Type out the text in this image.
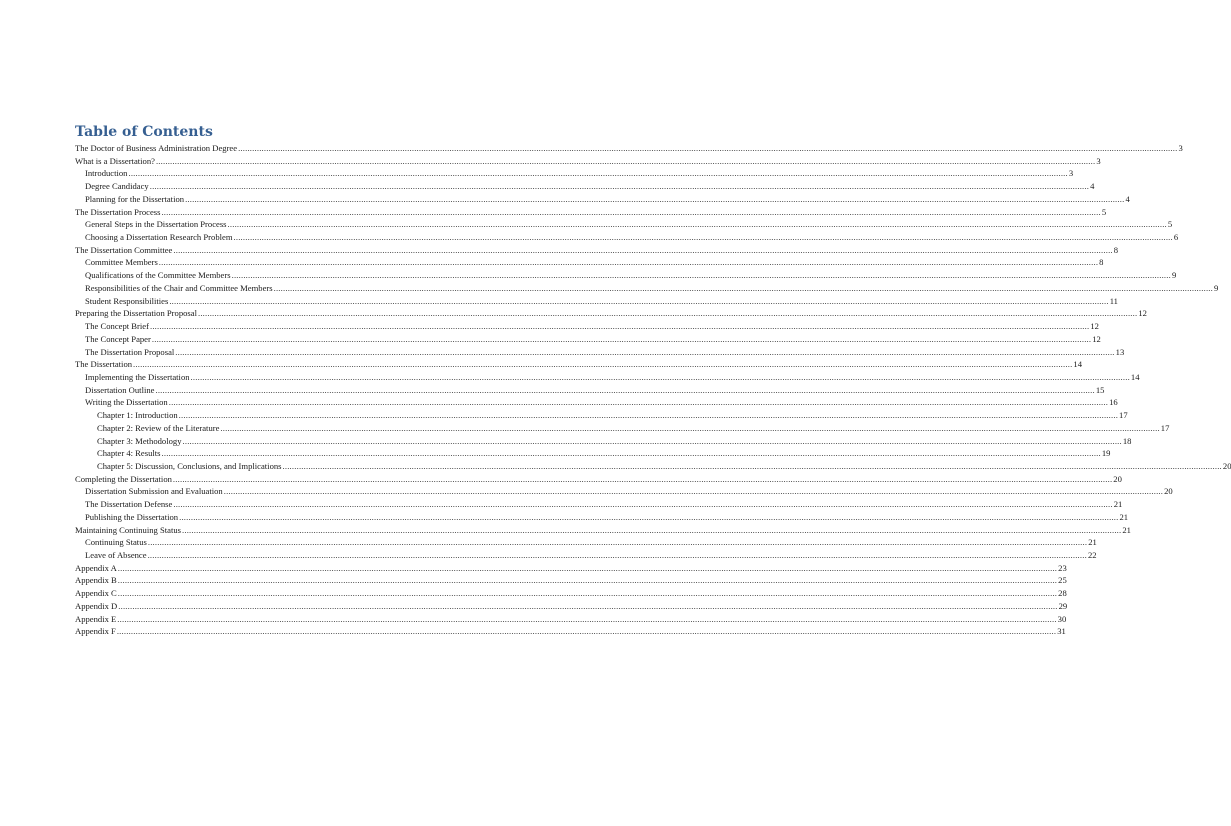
Table of Contents
The Doctor of Business Administration Degree ................................................................................................................................................................................................................................................................................................................................................................................................................ 3
What is a Dissertation? ................................................................................................................................................................................................................................................................................................................................................................................................................ 3
Introduction ................................................................................................................................................................................................................................................................................................................................................................................................................ 3
Degree Candidacy ................................................................................................................................................................................................................................................................................................................................................................................................................ 4
Planning for the Dissertation ................................................................................................................................................................................................................................................................................................................................................................................................................ 4
The Dissertation Process ................................................................................................................................................................................................................................................................................................................................................................................................................ 5
General Steps in the Dissertation Process ................................................................................................................................................................................................................................................................................................................................................................................................................ 5
Choosing a Dissertation Research Problem ................................................................................................................................................................................................................................................................................................................................................................................................................ 6
The Dissertation Committee ................................................................................................................................................................................................................................................................................................................................................................................................................ 8
Committee Members ................................................................................................................................................................................................................................................................................................................................................................................................................ 8
Qualifications of the Committee Members ................................................................................................................................................................................................................................................................................................................................................................................................................ 9
Responsibilities of the Chair and Committee Members ................................................................................................................................................................................................................................................................................................................................................................................................................ 9
Student Responsibilities ................................................................................................................................................................................................................................................................................................................................................................................................................ 11
Preparing the Dissertation Proposal ................................................................................................................................................................................................................................................................................................................................................................................................................ 12
The Concept Brief ................................................................................................................................................................................................................................................................................................................................................................................................................ 12
The Concept Paper ................................................................................................................................................................................................................................................................................................................................................................................................................ 12
The Dissertation Proposal ................................................................................................................................................................................................................................................................................................................................................................................................................ 13
The Dissertation ................................................................................................................................................................................................................................................................................................................................................................................................................ 14
Implementing the Dissertation ................................................................................................................................................................................................................................................................................................................................................................................................................ 14
Dissertation Outline ................................................................................................................................................................................................................................................................................................................................................................................................................ 15
Writing the Dissertation ................................................................................................................................................................................................................................................................................................................................................................................................................ 16
Chapter 1: Introduction ................................................................................................................................................................................................................................................................................................................................................................................................................ 17
Chapter 2: Review of the Literature ................................................................................................................................................................................................................................................................................................................................................................................................................ 17
Chapter 3: Methodology ................................................................................................................................................................................................................................................................................................................................................................................................................ 18
Chapter 4: Results ................................................................................................................................................................................................................................................................................................................................................................................................................ 19
Chapter 5: Discussion, Conclusions, and Implications ................................................................................................................................................................................................................................................................................................................................................................................................................ 20
Completing the Dissertation ................................................................................................................................................................................................................................................................................................................................................................................................................ 20
Dissertation Submission and Evaluation ................................................................................................................................................................................................................................................................................................................................................................................................................ 20
The Dissertation Defense ................................................................................................................................................................................................................................................................................................................................................................................................................ 21
Publishing the Dissertation ................................................................................................................................................................................................................................................................................................................................................................................................................ 21
Maintaining Continuing Status ................................................................................................................................................................................................................................................................................................................................................................................................................ 21
Continuing Status ................................................................................................................................................................................................................................................................................................................................................................................................................ 21
Leave of Absence ................................................................................................................................................................................................................................................................................................................................................................................................................ 22
Appendix A ................................................................................................................................................................................................................................................................................................................................................................................................................ 23
Appendix B ................................................................................................................................................................................................................................................................................................................................................................................................................ 25
Appendix C ................................................................................................................................................................................................................................................................................................................................................................................................................ 28
Appendix D ................................................................................................................................................................................................................................................................................................................................................................................................................ 29
Appendix E ................................................................................................................................................................................................................................................................................................................................................................................................................ 30
Appendix F ................................................................................................................................................................................................................................................................................................................................................................................................................ 31
